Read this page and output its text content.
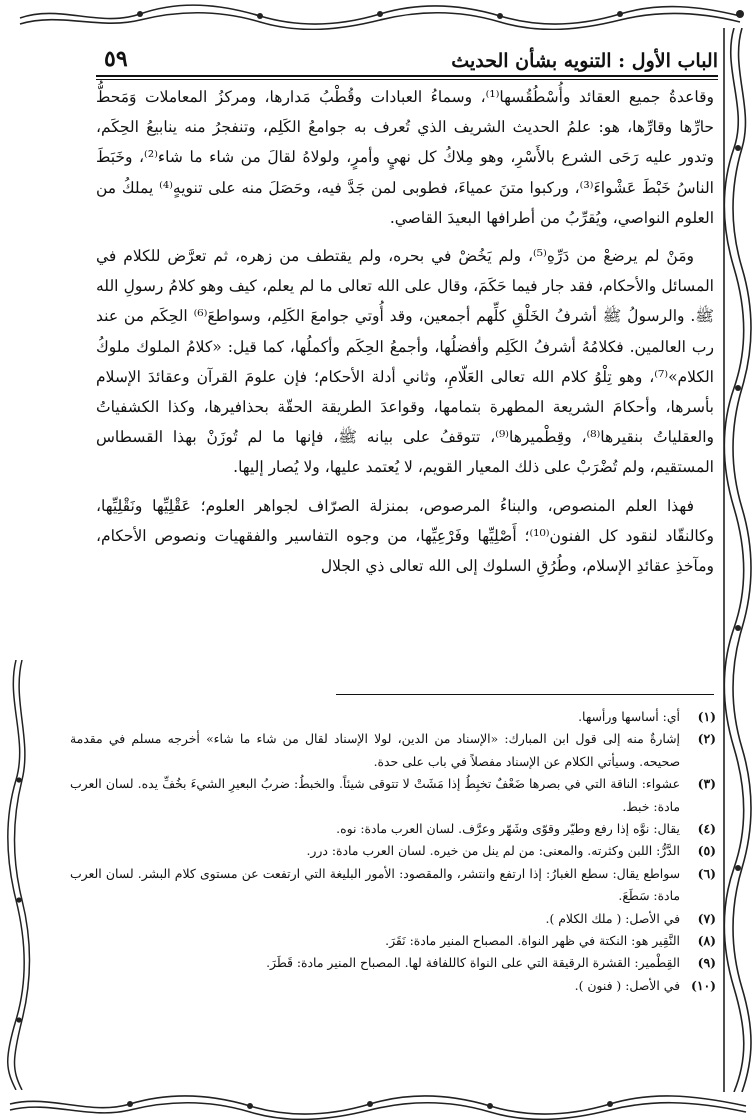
الباب الأول : التنويه بشأن الحديث
٥٩

وقاعدةُ جميع العقائد وأُسْطُقُسها⁽¹⁾، وسماءُ العبادات وقُطْبُ مَدارها، ومركزُ المعاملات وَمَحطُّ حارِّها وقارِّها، هو: علمُ الحديث الشريف الذي تُعرف به جوامعُ الكَلِم، وتنفجرُ منه ينابيعُ الحِكَم، وتدور عليه رَحَى الشرع بالأَسْرِ، وهو مِلاكُ كل نهيٍ وأمرٍ، ولولاهُ لقالَ من شاء ما شاء⁽²⁾، وخَبَطَ الناسُ خَبْطَ عَشْواءَ⁽³⁾، وركبوا متنَ عمياءَ، فطوبى لمن جَدَّ فيه، وحَصَلَ منه على تنويهٍ⁽⁴⁾ يملكُ من العلوم النواصي، ويُقرِّبُ من أطرافها البعيدَ القاصي.

ومَنْ لم يرضعْ من دَرِّهِ⁽⁵⁾، ولم يَخُضْ في بحره، ولم يقتطف من زهره، ثم تعرَّض للكلام في المسائل والأحكام، فقد جار فيما حَكَمَ، وقال على الله تعالى ما لم يعلم، كيف وهو كلامُ رسولِ الله ﷺ. والرسولُ ﷺ أشرفُ الخَلْقِ كلِّهم أجمعين، وقد أُوتي جوامعَ الكَلِم، وسواطعَ⁽⁶⁾ الحِكَم من عند رب العالمين. فكلامُهُ أشرفُ الكَلِم وأفضلُها، وأجمعُ الحِكَم وأكملُها، كما قيل: «كلامُ الملوك ملوكُ الكلام»⁽⁷⁾، وهو تِلْوُ كلام الله تعالى العَلّامِ، وثاني أدلة الأحكام؛ فإن علومَ القرآن وعقائدَ الإسلام بأسرها، وأحكامَ الشريعة المطهرة بتمامها، وقواعدَ الطريقة الحقّة بحذافيرها، وكذا الكشفياتُ والعقلياتُ بنقيرها⁽⁸⁾، وقِطْميرها⁽⁹⁾، تتوقفُ على بيانه ﷺ، فإنها ما لم تُوزَنْ بهذا القسطاس المستقيم، ولم تُضْرَبْ على ذلك المعيار القويم، لا يُعتمد عليها، ولا يُصار إليها.

فهذا العلم المنصوص، والبناءُ المرصوص، بمنزلة الصرّاف لجواهر العلوم؛ عَقْلِيِّها ونَقْلِيِّها، وكالنقّاد لنقود كل الفنون⁽¹⁰⁾؛ أَصْلِيِّها وفَرْعِيِّها، من وجوه التفاسير والفقهيات ونصوص الأحكام، ومآخذِ عقائدِ الإسلام، وطُرُقِ السلوك إلى الله تعالى ذي الجلال

(١)
أي: أساسها ورأسها.
(٢)
إشارةٌ منه إلى قول ابن المبارك: «الإسناد من الدين، لولا الإسناد لقال من شاء ما شاء» أخرجه مسلم في مقدمة صحيحه. وسيأتي الكلام عن الإسناد مفصلاً في باب على حدة.
(٣)
عشواء: الناقة التي في بصرها ضَعْفٌ تخبِطُ إذا مَشَتْ لا تتوقى شيئاً. والخبطُ: ضربُ البعيرِ الشيءَ بخُفِّ يده. لسان العرب مادة: خبط.
(٤)
يقال: نوَّه إذا رفع وطيّر وقوّى وشَهّر وعرَّف. لسان العرب مادة: نوه.
(٥)
الدَّرُّ: اللبن وكثرته. والمعنى: من لم ينل من خيره. لسان العرب مادة: درر.
(٦)
سواطع يقال: سطع الغبارُ: إذا ارتفع وانتشر، والمقصود: الأمور البليغة التي ارتفعت عن مستوى كلام البشر. لسان العرب مادة: سَطَعَ.
(٧)
في الأصل: ( ملك الكلام ).
(٨)
النَّقِير هو: النكتة في ظهر النواة. المصباح المنير مادة: نَقَرَ.
(٩)
القِطْمير: القشرة الرقيقة التي على النواة كاللفافة لها. المصباح المنير مادة: قَطَرَ.
(١٠)
في الأصل: ( فنون ).
